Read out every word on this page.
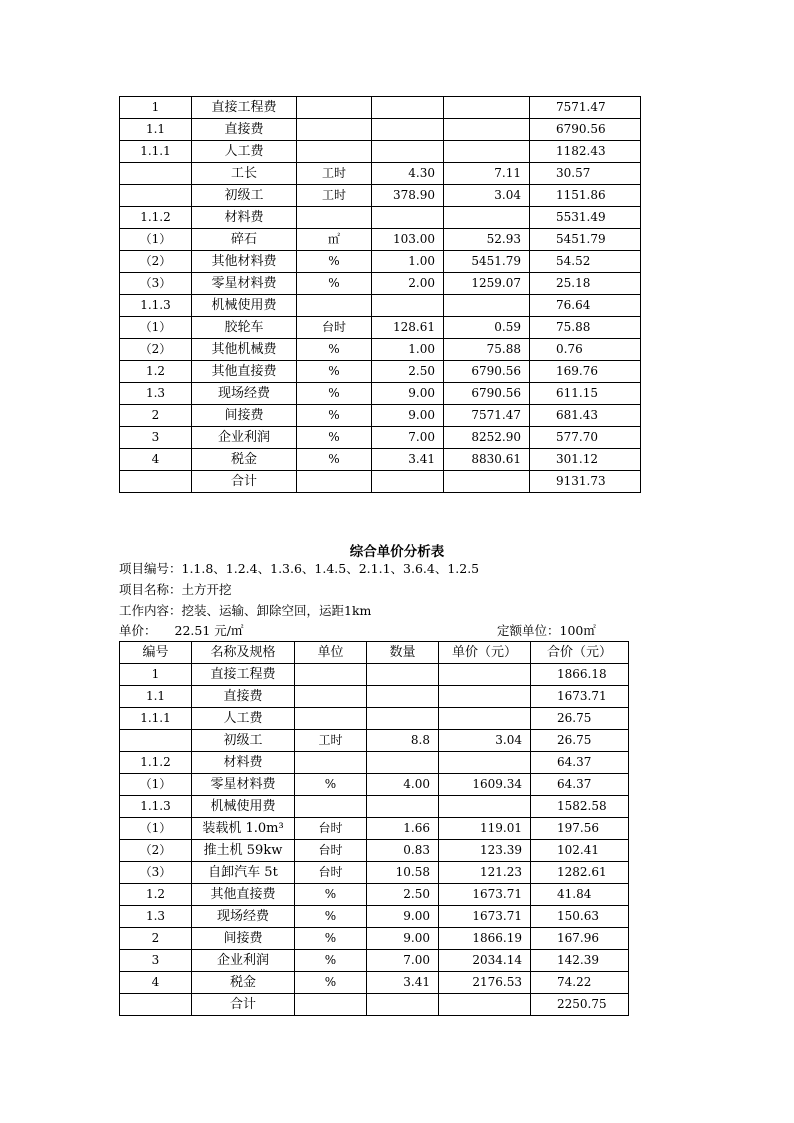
1	直接工程费				7571.47
1.1	直接费				6790.56
1.1.1	人工费				1182.43
	工长	工时	4.30	7.11	30.57
	初级工	工时	378.90	3.04	1151.86
1.1.2	材料费				5531.49
（1）	碎石	㎡	103.00	52.93	5451.79
（2）	其他材料费	%	1.00	5451.79	54.52
（3）	零星材料费	%	2.00	1259.07	25.18
1.1.3	机械使用费				76.64
（1）	胶轮车	台时	128.61	0.59	75.88
（2）	其他机械费	%	1.00	75.88	0.76
1.2	其他直接费	%	2.50	6790.56	169.76
1.3	现场经费	%	9.00	6790.56	611.15
2	间接费	%	9.00	7571.47	681.43
3	企业利润	%	7.00	8252.90	577.70
4	税金	%	3.41	8830.61	301.12
	合计				9131.73
综合单价分析表
项目编号：1.1.8、1.2.4、1.3.6、1.4.5、2.1.1、3.6.4、1.2.5
项目名称：土方开挖
工作内容：挖装、运输、卸除空回，运距1km
单价： 22.51 元/㎡	定额单位：100㎡
编号	名称及规格	单位	数量	单价（元）	合价（元）
1	直接工程费				1866.18
1.1	直接费				1673.71
1.1.1	人工费				26.75
	初级工	工时	8.8	3.04	26.75
1.1.2	材料费				64.37
（1）	零星材料费	%	4.00	1609.34	64.37
1.1.3	机械使用费				1582.58
（1）	装载机 1.0m³	台时	1.66	119.01	197.56
（2）	推土机 59kw	台时	0.83	123.39	102.41
（3）	自卸汽车 5t	台时	10.58	121.23	1282.61
1.2	其他直接费	%	2.50	1673.71	41.84
1.3	现场经费	%	9.00	1673.71	150.63
2	间接费	%	9.00	1866.19	167.96
3	企业利润	%	7.00	2034.14	142.39
4	税金	%	3.41	2176.53	74.22
	合计				2250.75
